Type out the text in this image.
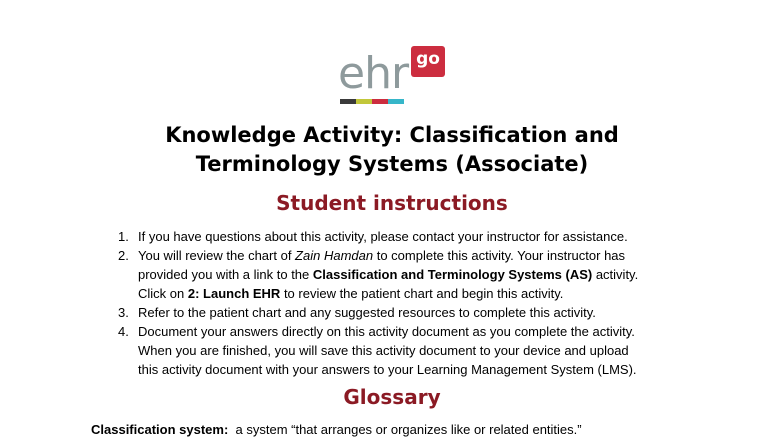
ehr go
Knowledge Activity: Classification and
Terminology Systems (Associate)
Student instructions
1. If you have questions about this activity, please contact your instructor for assistance.
2. You will review the chart of Zain Hamdan to complete this activity. Your instructor has
provided you with a link to the Classification and Terminology Systems (AS) activity.
Click on 2: Launch EHR to review the patient chart and begin this activity.
3. Refer to the patient chart and any suggested resources to complete this activity.
4. Document your answers directly on this activity document as you complete the activity.
When you are finished, you will save this activity document to your device and upload
this activity document with your answers to your Learning Management System (LMS).
Glossary
Classification system:  a system “that arranges or organizes like or related entities.”
